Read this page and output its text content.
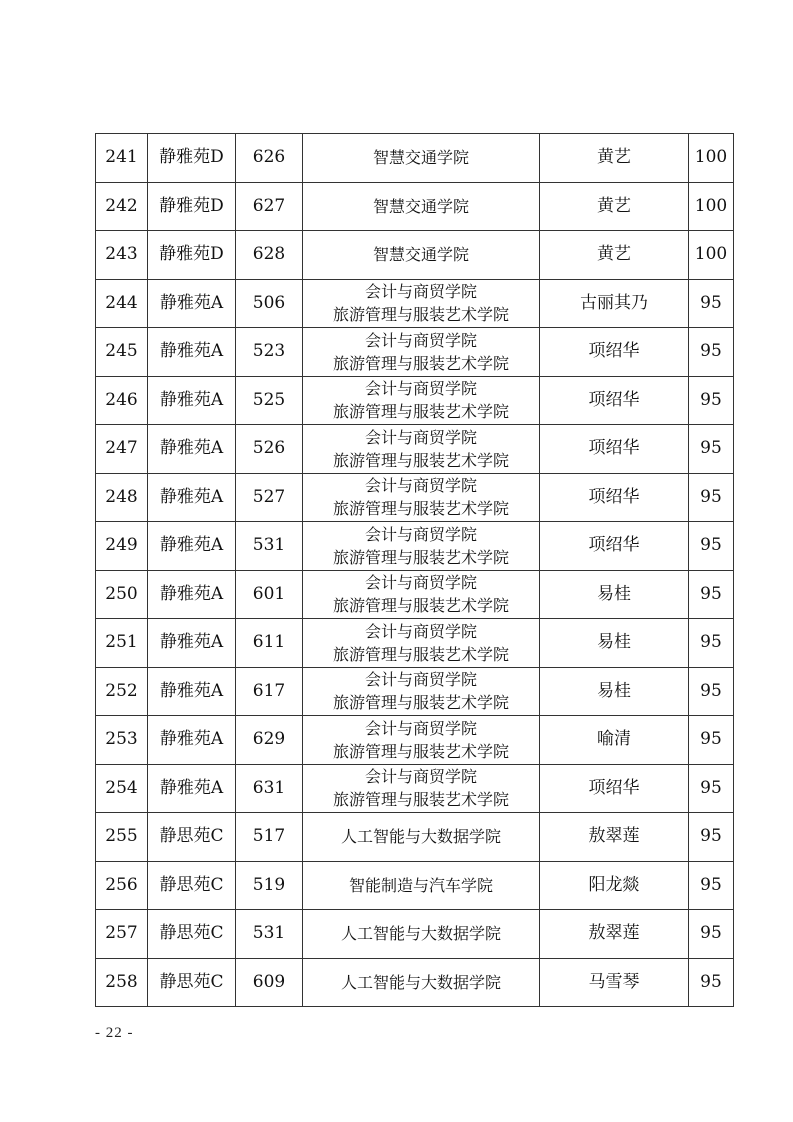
241	静雅苑D	626	智慧交通学院	黄艺	100
242	静雅苑D	627	智慧交通学院	黄艺	100
243	静雅苑D	628	智慧交通学院	黄艺	100
244	静雅苑A	506	会计与商贸学院
旅游管理与服装艺术学院	古丽其乃	95
245	静雅苑A	523	会计与商贸学院
旅游管理与服装艺术学院	项绍华	95
246	静雅苑A	525	会计与商贸学院
旅游管理与服装艺术学院	项绍华	95
247	静雅苑A	526	会计与商贸学院
旅游管理与服装艺术学院	项绍华	95
248	静雅苑A	527	会计与商贸学院
旅游管理与服装艺术学院	项绍华	95
249	静雅苑A	531	会计与商贸学院
旅游管理与服装艺术学院	项绍华	95
250	静雅苑A	601	会计与商贸学院
旅游管理与服装艺术学院	易桂	95
251	静雅苑A	611	会计与商贸学院
旅游管理与服装艺术学院	易桂	95
252	静雅苑A	617	会计与商贸学院
旅游管理与服装艺术学院	易桂	95
253	静雅苑A	629	会计与商贸学院
旅游管理与服装艺术学院	喻清	95
254	静雅苑A	631	会计与商贸学院
旅游管理与服装艺术学院	项绍华	95
255	静思苑C	517	人工智能与大数据学院	敖翠莲	95
256	静思苑C	519	智能制造与汽车学院	阳龙燚	95
257	静思苑C	531	人工智能与大数据学院	敖翠莲	95
258	静思苑C	609	人工智能与大数据学院	马雪琴	95
- 22 -
